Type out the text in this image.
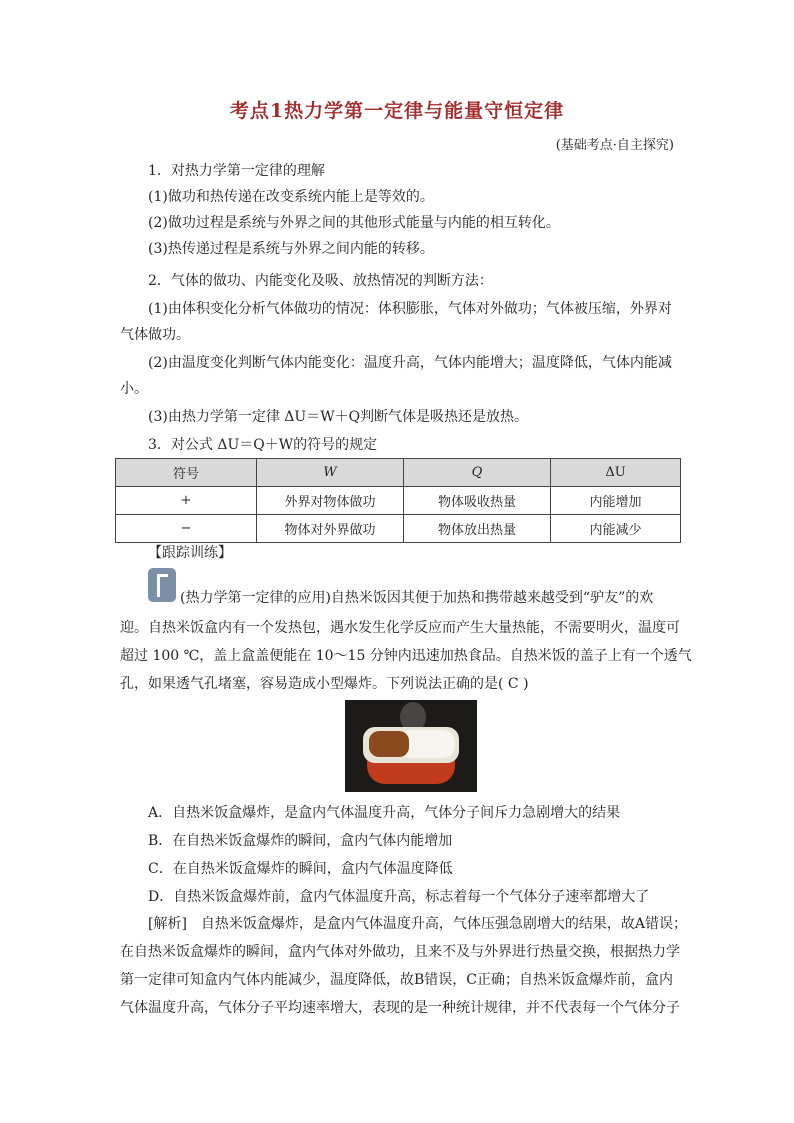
考点1热力学第一定律与能量守恒定律
(基础考点·自主探究)
1．对热力学第一定律的理解
(1)做功和热传递在改变系统内能上是等效的。
(2)做功过程是系统与外界之间的其他形式能量与内能的相互转化。
(3)热传递过程是系统与外界之间内能的转移。
2．气体的做功、内能变化及吸、放热情况的判断方法：
(1)由体积变化分析气体做功的情况：体积膨胀，气体对外做功；气体被压缩，外界对
气体做功。
(2)由温度变化判断气体内能变化：温度升高，气体内能增大；温度降低，气体内能减
小。
(3)由热力学第一定律 ΔU＝W＋Q判断气体是吸热还是放热。
3．对公式 ΔU＝Q＋W的符号的规定
符号	W	Q	ΔU
+	外界对物体做功	物体吸收热量	内能增加
−	物体对外界做功	物体放出热量	内能减少
【跟踪训练】
(热力学第一定律的应用)自热米饭因其便于加热和携带越来越受到“驴友”的欢
迎。自热米饭盒内有一个发热包，遇水发生化学反应而产生大量热能，不需要明火，温度可
超过 100 ℃，盖上盒盖便能在 10～15 分钟内迅速加热食品。自热米饭的盖子上有一个透气
孔，如果透气孔堵塞，容易造成小型爆炸。下列说法正确的是( C )
A．自热米饭盒爆炸，是盒内气体温度升高，气体分子间斥力急剧增大的结果
B．在自热米饭盒爆炸的瞬间，盒内气体内能增加
C．在自热米饭盒爆炸的瞬间，盒内气体温度降低
D．自热米饭盒爆炸前，盒内气体温度升高，标志着每一个气体分子速率都增大了
[解析]　自热米饭盒爆炸，是盒内气体温度升高，气体压强急剧增大的结果，故A错误；
在自热米饭盒爆炸的瞬间，盒内气体对外做功，且来不及与外界进行热量交换，根据热力学
第一定律可知盒内气体内能减少，温度降低，故B错误，C正确；自热米饭盒爆炸前，盒内
气体温度升高，气体分子平均速率增大，表现的是一种统计规律，并不代表每一个气体分子
